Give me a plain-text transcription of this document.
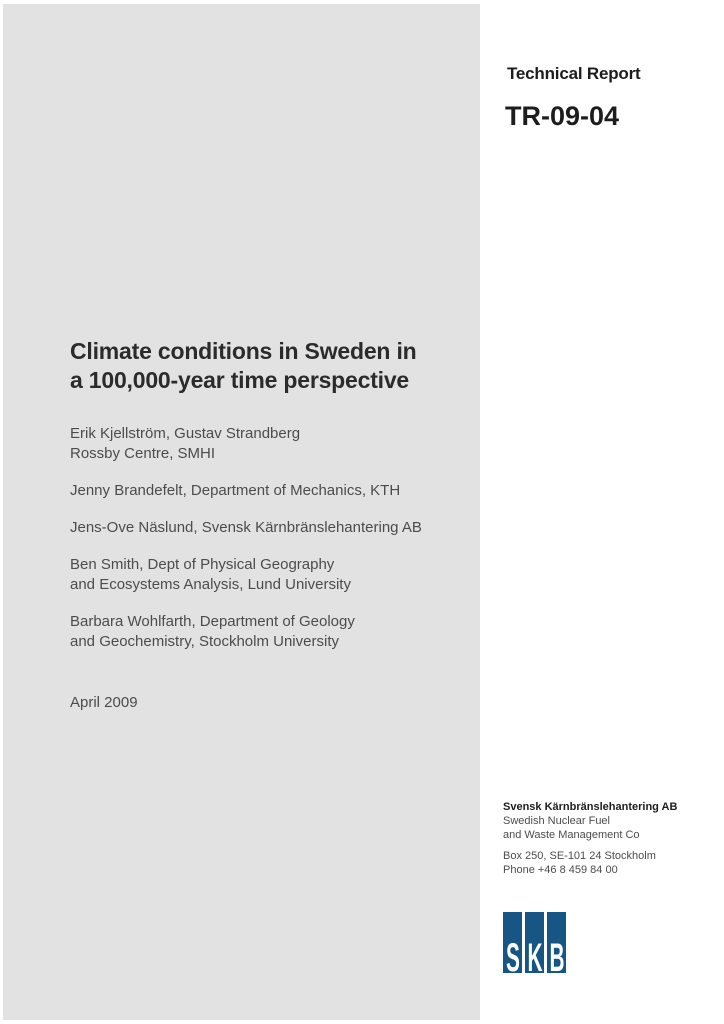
Technical Report
TR-09-04
Climate conditions in Sweden in
a 100,000-year time perspective
Erik Kjellström, Gustav Strandberg
Rossby Centre, SMHI
Jenny Brandefelt, Department of Mechanics, KTH
Jens-Ove Näslund, Svensk Kärnbränslehantering AB
Ben Smith, Dept of Physical Geography
and Ecosystems Analysis, Lund University
Barbara Wohlfarth, Department of Geology
and Geochemistry, Stockholm University
April 2009
Svensk Kärnbränslehantering AB
Swedish Nuclear Fuel
and Waste Management Co
Box 250, SE-101 24 Stockholm
Phone +46 8 459 84 00
S K B
